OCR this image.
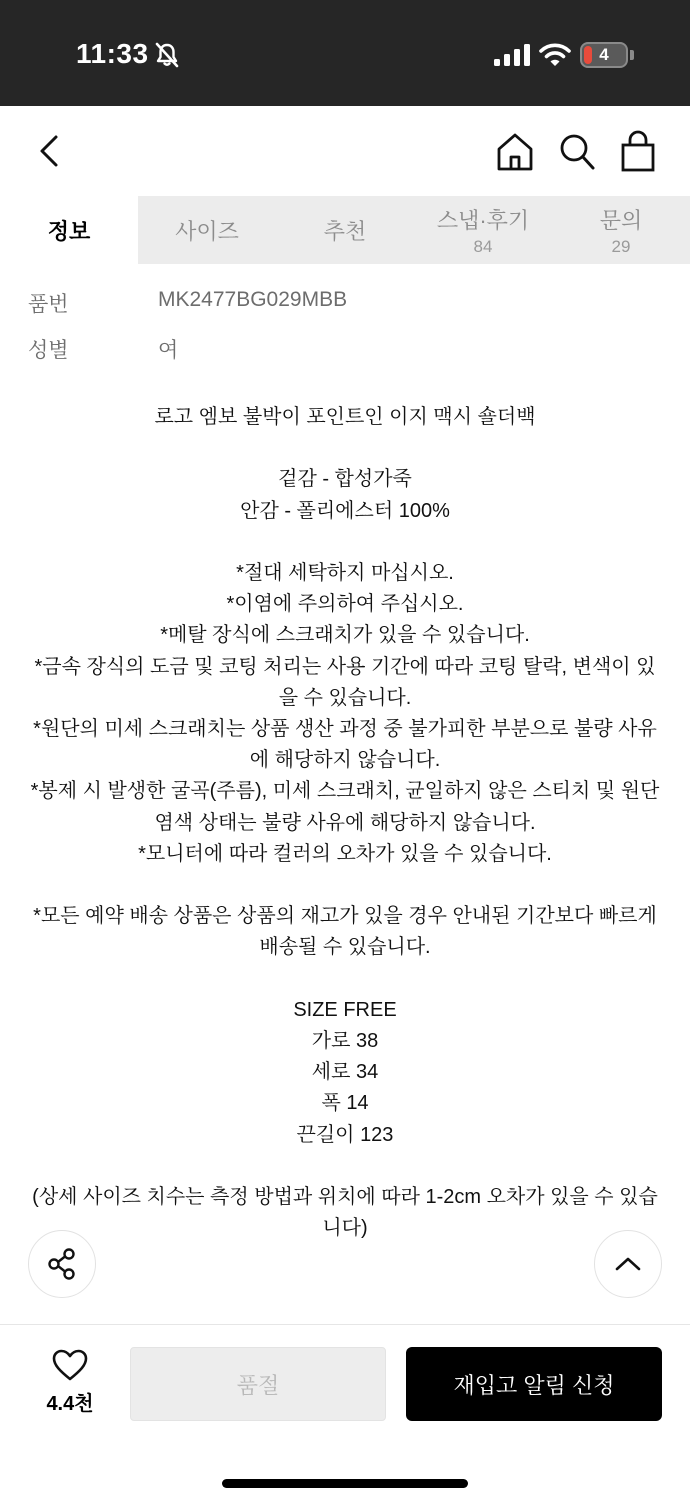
11:33	4
정보	사이즈	추천	스냅·후기
84
문의
29
품번	MK2477BG029MBB
성별	여
로고 엠보 불박이 포인트인 이지 맥시 숄더백
겉감 - 합성가죽
안감 - 폴리에스터 100%
*절대 세탁하지 마십시오.
*이염에 주의하여 주십시오.
*메탈 장식에 스크래치가 있을 수 있습니다.
*금속 장식의 도금 및 코팅 처리는 사용 기간에 따라 코팅 탈락, 변색이 있
을 수 있습니다.
*원단의 미세 스크래치는 상품 생산 과정 중 불가피한 부분으로 불량 사유
에 해당하지 않습니다.
*봉제 시 발생한 굴곡(주름), 미세 스크래치, 균일하지 않은 스티치 및 원단
염색 상태는 불량 사유에 해당하지 않습니다.
*모니터에 따라 컬러의 오차가 있을 수 있습니다.
*모든 예약 배송 상품은 상품의 재고가 있을 경우 안내된 기간보다 빠르게
배송될 수 있습니다.
SIZE FREE
가로 38
세로 34
폭 14
끈길이 123
(상세 사이즈 치수는 측정 방법과 위치에 따라 1-2cm 오차가 있을 수 있습
니다)
4.4천
품절	재입고 알림 신청
